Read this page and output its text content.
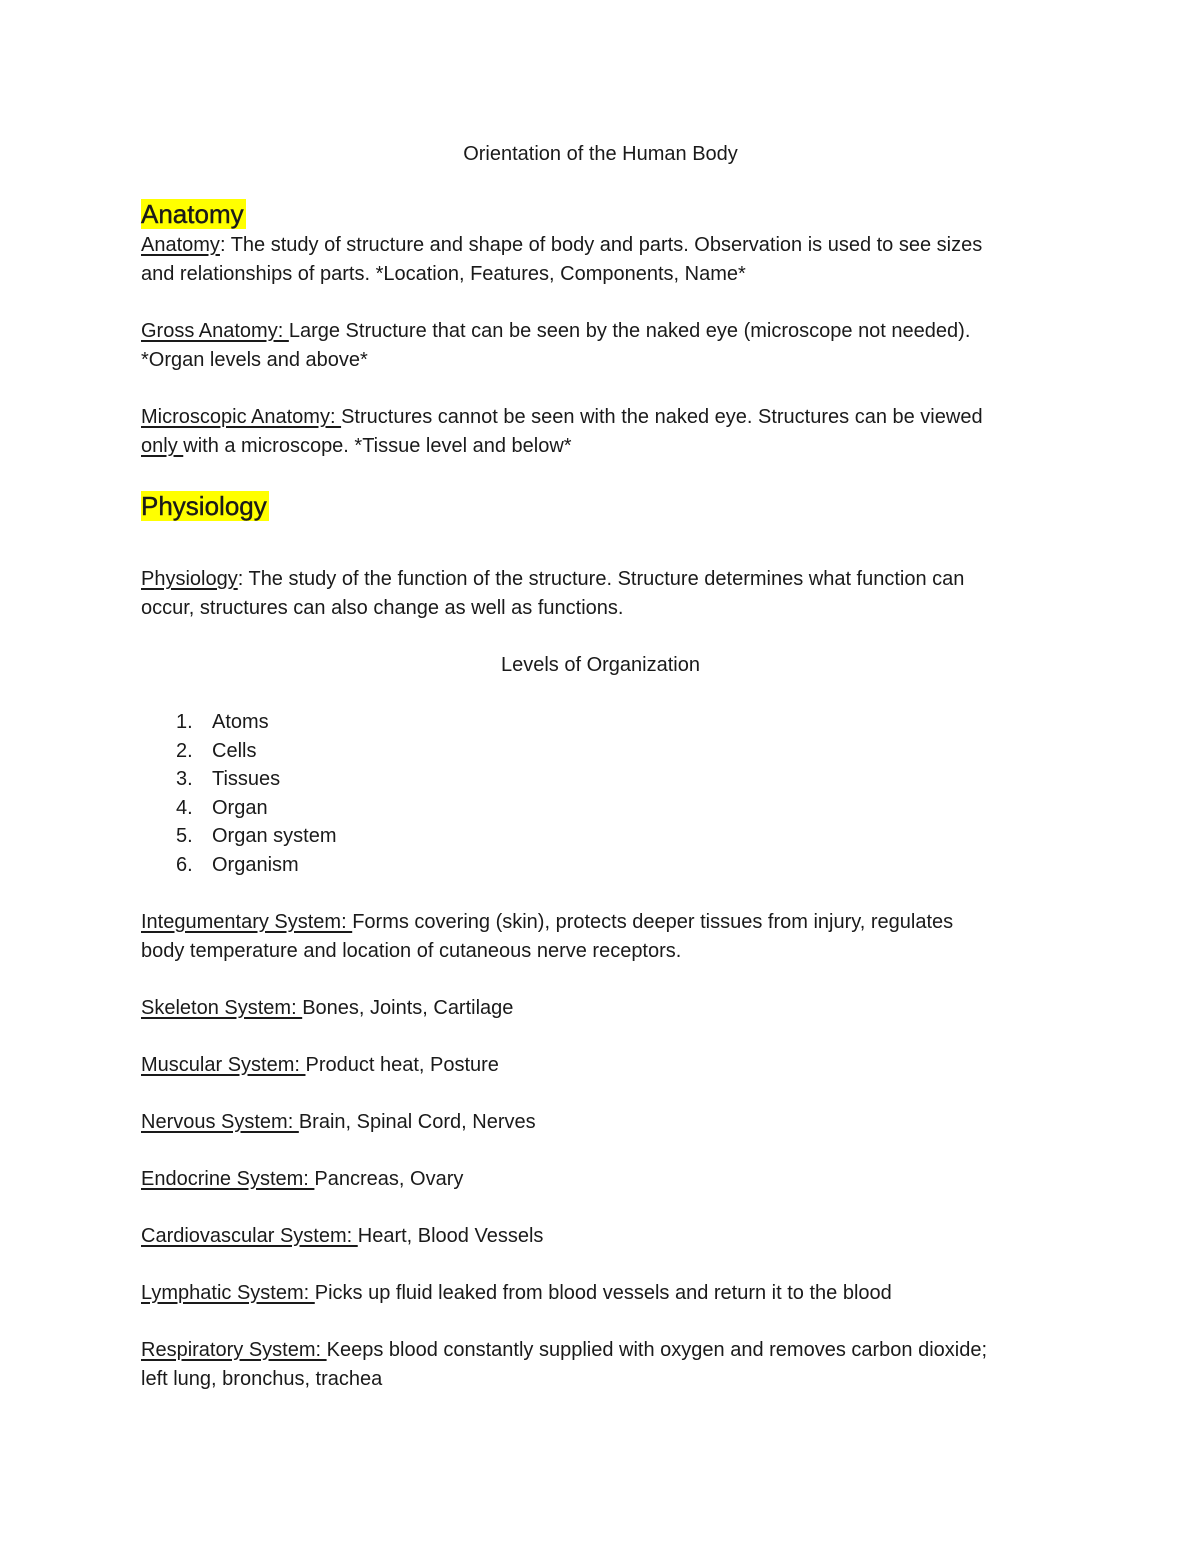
Orientation of the Human Body

Anatomy

Anatomy: The study of structure and shape of body and parts. Observation is used to see sizes
and relationships of parts. *Location, Features, Components, Name*

Gross Anatomy: Large Structure that can be seen by the naked eye (microscope not needed).
*Organ levels and above*

Microscopic Anatomy: Structures cannot be seen with the naked eye. Structures can be viewed
only with a microscope. *Tissue level and below*

Physiology

Physiology: The study of the function of the structure. Structure determines what function can
occur, structures can also change as well as functions.

Levels of Organization

Atoms
Cells
Tissues
Organ
Organ system
Organism

Integumentary System: Forms covering (skin), protects deeper tissues from injury, regulates
body temperature and location of cutaneous nerve receptors.

Skeleton System: Bones, Joints, Cartilage

Muscular System: Product heat, Posture

Nervous System: Brain, Spinal Cord, Nerves

Endocrine System: Pancreas, Ovary

Cardiovascular System: Heart, Blood Vessels

Lymphatic System: Picks up fluid leaked from blood vessels and return it to the blood

Respiratory System: Keeps blood constantly supplied with oxygen and removes carbon dioxide;
left lung, bronchus, trachea
